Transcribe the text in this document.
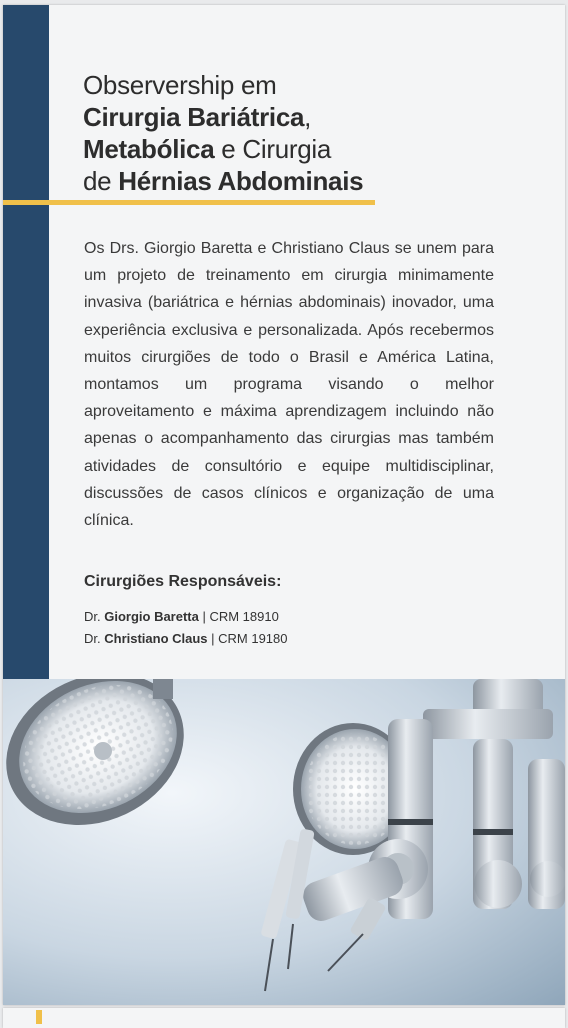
Observership em
Cirurgia Bariátrica,
Metabólica e Cirurgia
de Hérnias Abdominais
Os Drs. Giorgio Baretta e Christiano Claus se unem para um projeto de treinamento em cirurgia minimamente invasiva (bariátrica e hérnias abdominais) inovador, uma experiência exclusiva e personalizada. Após recebermos muitos cirurgiões de todo o Brasil e América Latina, montamos um programa visando o melhor aproveitamento e máxima aprendizagem incluindo não apenas o acompanhamento das cirurgias mas também atividades de consultório e equipe multidisciplinar, discussões de casos clínicos e organização de uma clínica.
Cirurgiões Responsáveis:
Dr. Giorgio Baretta | CRM 18910
Dr. Christiano Claus | CRM 19180
